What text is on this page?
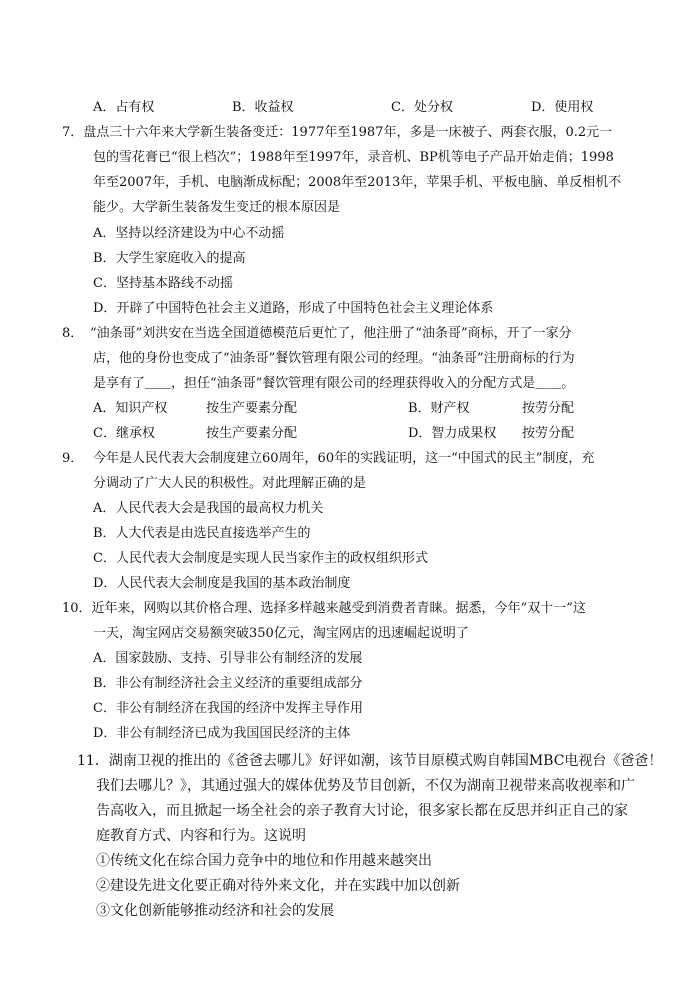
A．占有权	B．收益权	C．处分权	D．使用权
7．盘点三十六年来大学新生装备变迁：1977年至1987年，多是一床被子、两套衣服，0.2元一
包的雪花膏已“很上档次”；1988年至1997年，录音机、BP机等电子产品开始走俏；1998
年至2007年，手机、电脑渐成标配；2008年至2013年，苹果手机、平板电脑、单反相机不
能少。大学新生装备发生变迁的根本原因是
A．坚持以经济建设为中心不动摇
B．大学生家庭收入的提高
C．坚持基本路线不动摇
D．开辟了中国特色社会主义道路，形成了中国特色社会主义理论体系
8． “油条哥”刘洪安在当选全国道德模范后更忙了，他注册了“油条哥”商标，开了一家分
店，他的身份也变成了“油条哥”餐饮管理有限公司的经理。“油条哥”注册商标的行为
是享有了＿＿，担任“油条哥”餐饮管理有限公司的经理获得收入的分配方式是＿＿。
A．知识产权	按生产要素分配	B．财产权	按劳分配
C．继承权	按生产要素分配	D．智力成果权 按劳分配
9． 今年是人民代表大会制度建立60周年，60年的实践证明，这一“中国式的民主”制度，充
分调动了广大人民的积极性。对此理解正确的是
A．人民代表大会是我国的最高权力机关
B．人大代表是由选民直接选举产生的
C．人民代表大会制度是实现人民当家作主的政权组织形式
D．人民代表大会制度是我国的基本政治制度
10．近年来，网购以其价格合理、选择多样越来越受到消费者青睐。据悉，今年“双十一”这
一天，淘宝网店交易额突破350亿元，淘宝网店的迅速崛起说明了
A．国家鼓励、支持、引导非公有制经济的发展
B．非公有制经济社会主义经济的重要组成部分
C．非公有制经济在我国的经济中发挥主导作用
D．非公有制经济已成为我国国民经济的主体
11．湖南卫视的推出的《爸爸去哪儿》好评如潮，该节目原模式购自韩国MBC电视台《爸爸！
我们去哪儿？》，其通过强大的媒体优势及节目创新，不仅为湖南卫视带来高收视率和广
告高收入，而且掀起一场全社会的亲子教育大讨论，很多家长都在反思并纠正自己的家
庭教育方式、内容和行为。这说明
①传统文化在综合国力竞争中的地位和作用越来越突出
②建设先进文化要正确对待外来文化，并在实践中加以创新
③文化创新能够推动经济和社会的发展
